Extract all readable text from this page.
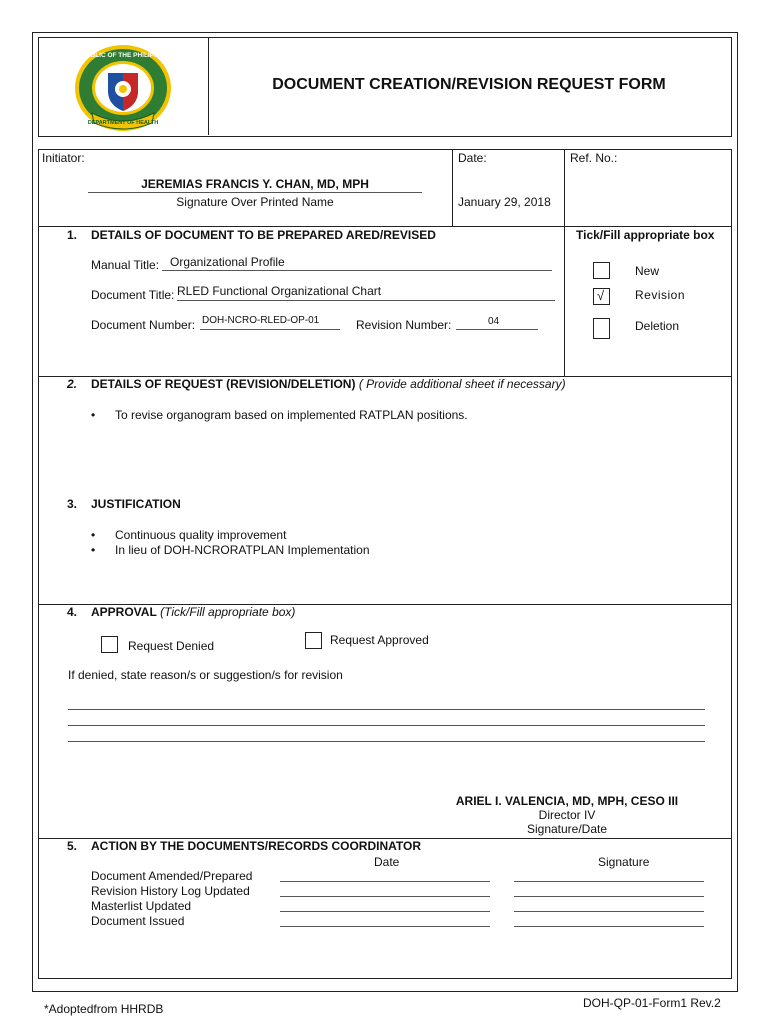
REPUBLIC OF THE PHILIPPINES
DEPARTMENT OF HEALTH
DOCUMENT CREATION/REVISION REQUEST FORM
Initiator:
JEREMIAS FRANCIS Y. CHAN, MD, MPH
Signature Over Printed Name
Date:
January 29, 2018
Ref. No.:
1. DETAILS OF DOCUMENT TO BE PREPARED ARED/REVISED	Tick/Fill appropriate box
Manual Title: Organizational Profile
Document Title: RLED Functional Organizational Chart
Document Number: DOH-NCRO-RLED-OP-01	Revision Number:	04
New
√	Revision
Deletion
2. DETAILS OF REQUEST (REVISION/DELETION) ( Provide additional sheet if necessary)
• To revise organogram based on implemented RATPLAN positions.
3. JUSTIFICATION
• Continuous quality improvement
• In lieu of DOH-NCRORATPLAN Implementation
4. APPROVAL (Tick/Fill appropriate box)
Request Denied	Request Approved
If denied, state reason/s or suggestion/s for revision
ARIEL I. VALENCIA, MD, MPH, CESO III
Director IV
Signature/Date
5. ACTION BY THE DOCUMENTS/RECORDS COORDINATOR
Date	Signature
Document Amended/Prepared
Revision History Log Updated
Masterlist Updated
Document Issued
*Adoptedfrom HHRDB	DOH-QP-01-Form1 Rev.2
